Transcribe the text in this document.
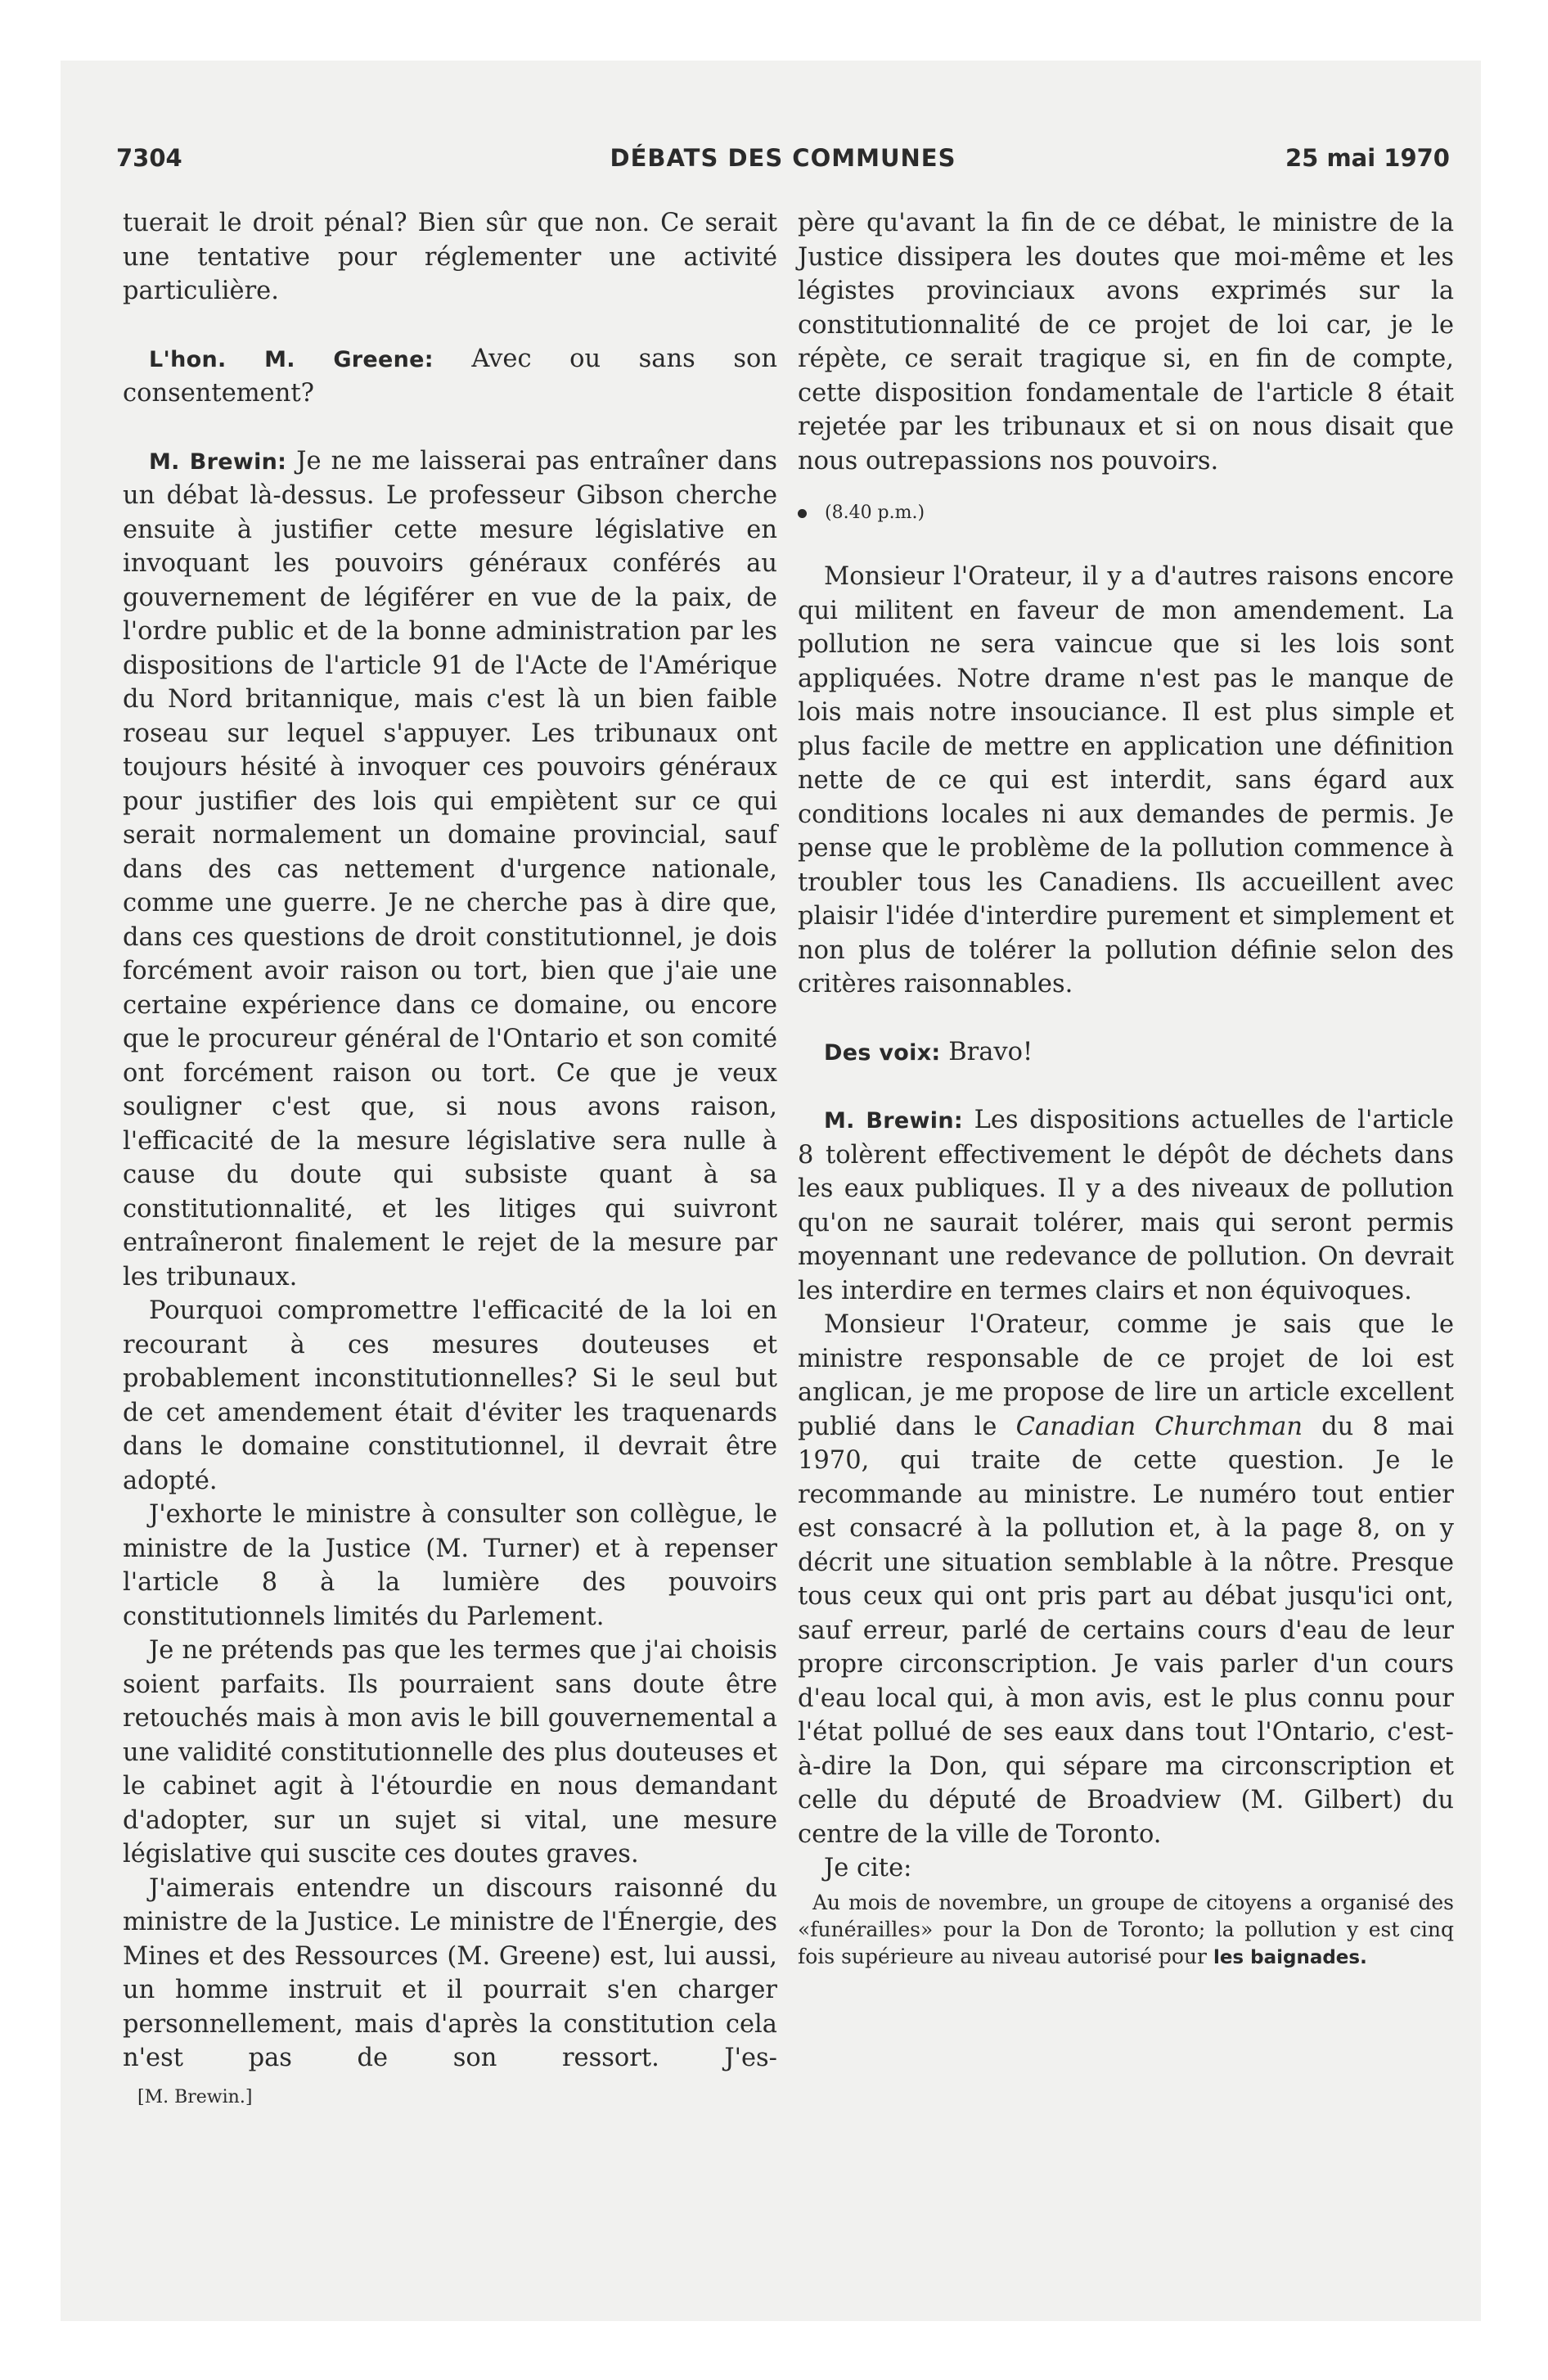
7304	DÉBATS DES COMMUNES	25 mai 1970

tuerait le droit pénal? Bien sûr que non. Ce serait une tentative pour réglementer une activité particulière.

L'hon. M. Greene: Avec ou sans son consentement?

M. Brewin: Je ne me laisserai pas entraîner dans un débat là-dessus. Le professeur Gibson cherche ensuite à justifier cette mesure législative en invoquant les pouvoirs généraux conférés au gouvernement de légiférer en vue de la paix, de l'ordre public et de la bonne administration par les dispositions de l'article 91 de l'Acte de l'Amérique du Nord britannique, mais c'est là un bien faible roseau sur lequel s'appuyer. Les tribunaux ont toujours hésité à invoquer ces pouvoirs généraux pour justifier des lois qui empiètent sur ce qui serait normalement un domaine provincial, sauf dans des cas nettement d'urgence nationale, comme une guerre. Je ne cherche pas à dire que, dans ces questions de droit constitutionnel, je dois forcément avoir raison ou tort, bien que j'aie une certaine expérience dans ce domaine, ou encore que le procureur général de l'Ontario et son comité ont forcément raison ou tort. Ce que je veux souligner c'est que, si nous avons raison, l'efficacité de la mesure législative sera nulle à cause du doute qui subsiste quant à sa constitutionnalité, et les litiges qui suivront entraîneront finalement le rejet de la mesure par les tribunaux.

Pourquoi compromettre l'efficacité de la loi en recourant à ces mesures douteuses et probablement inconstitutionnelles? Si le seul but de cet amendement était d'éviter les traquenards dans le domaine constitutionnel, il devrait être adopté.

J'exhorte le ministre à consulter son collègue, le ministre de la Justice (M. Turner) et à repenser l'article 8 à la lumière des pouvoirs constitutionnels limités du Parlement.

Je ne prétends pas que les termes que j'ai choisis soient parfaits. Ils pourraient sans doute être retouchés mais à mon avis le bill gouvernemental a une validité constitutionnelle des plus douteuses et le cabinet agit à l'étourdie en nous demandant d'adopter, sur un sujet si vital, une mesure législative qui suscite ces doutes graves.

J'aimerais entendre un discours raisonné du ministre de la Justice. Le ministre de l'Énergie, des Mines et des Ressources (M. Greene) est, lui aussi, un homme instruit et il pourrait s'en charger personnellement, mais d'après la constitution cela n'est pas de son ressort. J'es-

[M. Brewin.]

père qu'avant la fin de ce débat, le ministre de la Justice dissipera les doutes que moi-même et les légistes provinciaux avons exprimés sur la constitutionnalité de ce projet de loi car, je le répète, ce serait tragique si, en fin de compte, cette disposition fondamentale de l'article 8 était rejetée par les tribunaux et si on nous disait que nous outrepassions nos pouvoirs.

(8.40 p.m.)

Monsieur l'Orateur, il y a d'autres raisons encore qui militent en faveur de mon amendement. La pollution ne sera vaincue que si les lois sont appliquées. Notre drame n'est pas le manque de lois mais notre insouciance. Il est plus simple et plus facile de mettre en application une définition nette de ce qui est interdit, sans égard aux conditions locales ni aux demandes de permis. Je pense que le problème de la pollution commence à troubler tous les Canadiens. Ils accueillent avec plaisir l'idée d'interdire purement et simplement et non plus de tolérer la pollution définie selon des critères raisonnables.

Des voix: Bravo!

M. Brewin: Les dispositions actuelles de l'article 8 tolèrent effectivement le dépôt de déchets dans les eaux publiques. Il y a des niveaux de pollution qu'on ne saurait tolérer, mais qui seront permis moyennant une redevance de pollution. On devrait les interdire en termes clairs et non équivoques.

Monsieur l'Orateur, comme je sais que le ministre responsable de ce projet de loi est anglican, je me propose de lire un article excellent publié dans le Canadian Churchman du 8 mai 1970, qui traite de cette question. Je le recommande au ministre. Le numéro tout entier est consacré à la pollution et, à la page 8, on y décrit une situation semblable à la nôtre. Presque tous ceux qui ont pris part au débat jusqu'ici ont, sauf erreur, parlé de certains cours d'eau de leur propre circonscription. Je vais parler d'un cours d'eau local qui, à mon avis, est le plus connu pour l'état pollué de ses eaux dans tout l'Ontario, c'est-à-dire la Don, qui sépare ma circonscription et celle du député de Broadview (M. Gilbert) du centre de la ville de Toronto.

Je cite:

Au mois de novembre, un groupe de citoyens a organisé des «funérailles» pour la Don de Toronto; la pollution y est cinq fois supérieure au niveau autorisé pour les baignades.
